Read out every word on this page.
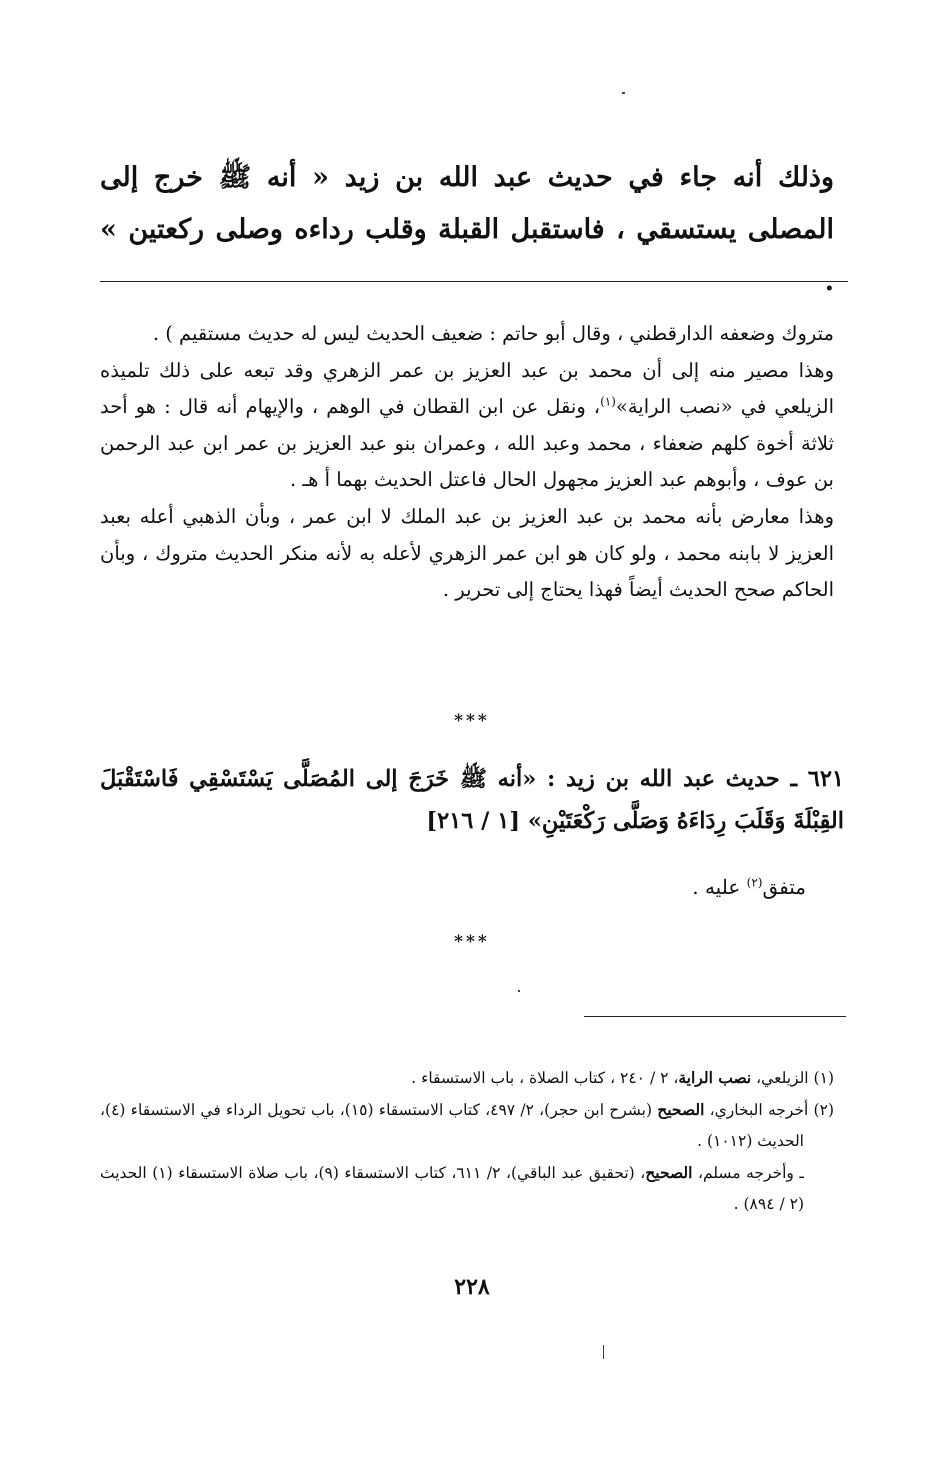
وذلك أنه جاء في حديث عبد الله بن زيد « أنه ﷺ خرج إلى المصلى يستسقي ، فاستقبل القبلة وقلب رداءه وصلى ركعتين » .

متروك وضعفه الدارقطني ، وقال أبو حاتم : ضعيف الحديث ليس له حديث مستقيم ) .

وهذا مصير منه إلى أن محمد بن عبد العزيز بن عمر الزهري وقد تبعه على ذلك تلميذه الزيلعي في «نصب الراية»$^{(١)}$، ونقل عن ابن القطان في الوهم ، والإيهام أنه قال : هو أحد ثلاثة أخوة كلهم ضعفاء ، محمد وعبد الله ، وعمران بنو عبد العزيز بن عمر ابن عبد الرحمن بن عوف ، وأبوهم عبد العزيز مجهول الحال فاعتل الحديث بهما أ هـ .

وهذا معارض بأنه محمد بن عبد العزيز بن عبد الملك لا ابن عمر ، وبأن الذهبي أعله بعبد العزيز لا بابنه محمد ، ولو كان هو ابن عمر الزهري لأعله به لأنه منكر الحديث متروك ، وبأن الحاكم صحح الحديث أيضاً فهذا يحتاج إلى تحرير .

***
٦٢١ ـ حديث عبد الله بن زيد : «أنه ﷺ خَرَجَ إلى المُصَلَّى يَسْتَسْقِي فَاسْتَقْبَلَ القِبْلَةَ وَقَلَبَ رِدَاءَهُ وَصَلَّى رَكْعَتَيْنِ» [١ / ٢١٦]
متفق$^{(٢)}$ عليه .
***

(١) الزيلعي، نصب الراية، ٢ / ٢٤٠ ، كتاب الصلاة ، باب الاستسقاء .

(٢) أخرجه البخاري، الصحيح (بشرح ابن حجر)، ٢/ ٤٩٧، كتاب الاستسقاء (١٥)، باب تحويل الرداء في الاستسقاء (٤)، الحديث (١٠١٢) .

ـ وأخرجه مسلم، الصحيح، (تحقيق عبد الباقي)، ٢/ ٦١١، كتاب الاستسقاء (٩)، باب صلاة الاستسقاء (١) الحديث (٢ / ٨٩٤) .

٢٢٨
